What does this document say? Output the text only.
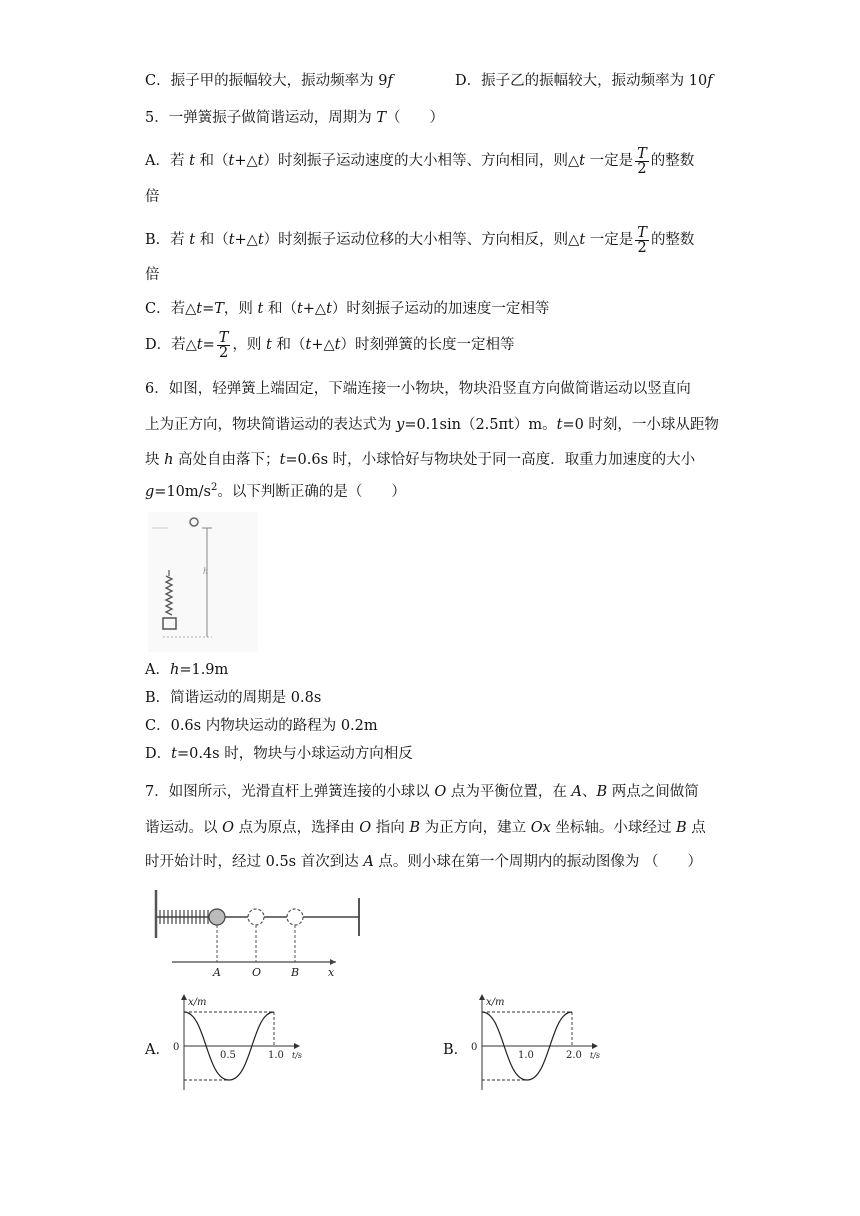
C．振子甲的振幅较大，振动频率为 9f	D．振子乙的振幅较大，振动频率为 10f
5．一弹簧振子做简谐运动，周期为 T（　　）
A．若 t 和（t+△t）时刻振子运动速度的大小相等、方向相同，则△t 一定是 $\frac{T}{2}$ 的整数
倍
B．若 t 和（t+△t）时刻振子运动位移的大小相等、方向相反，则△t 一定是 $\frac{T}{2}$ 的整数
倍
C．若△t=T，则 t 和（t+△t）时刻振子运动的加速度一定相等
D．若△t= $\frac{T}{2}$ ，则 t 和（t+△t）时刻弹簧的长度一定相等
6．如图，轻弹簧上端固定，下端连接一小物块，物块沿竖直方向做简谐运动以竖直向
上为正方向，物块简谐运动的表达式为 y=0.1sin（2.5πt）m。t=0 时刻，一小球从距物
块 h 高处自由落下；t=0.6s 时，小球恰好与物块处于同一高度．取重力加速度的大小
$g=10m/s^2$。以下判断正确的是（　　）
h
A．h=1.9m
B．简谐运动的周期是 0.8s
C．0.6s 内物块运动的路程为 0.2m
D．t=0.4s 时，物块与小球运动方向相反
7．如图所示，光滑直杆上弹簧连接的小球以 O 点为平衡位置，在 A、B 两点之间做简
谐运动。以 O 点为原点，选择由 O 指向 B 为正方向，建立 Ox 坐标轴。小球经过 B 点
时开始计时，经过 0.5s 首次到达 A 点。则小球在第一个周期内的振动图像为 （　　）
A	O	B	x
A．
x/m
0
0.5	1.0 t/s	B．
x/m
0
1.0	2.0 t/s
